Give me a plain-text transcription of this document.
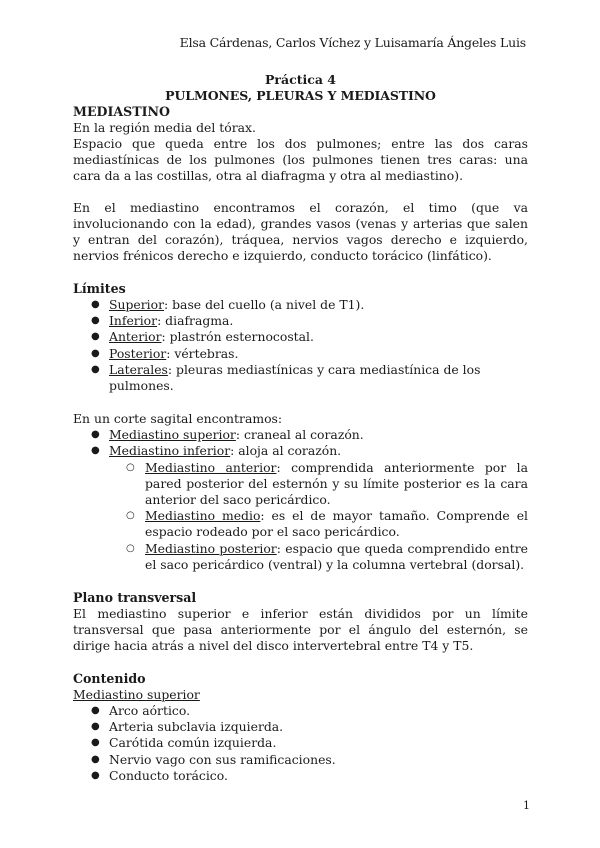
Elsa Cárdenas, Carlos Víchez y Luisamaría Ángeles Luis
Práctica 4
PULMONES, PLEURAS Y MEDIASTINO
MEDIASTINO

En la región media del tórax.

Espacio que queda entre los dos pulmones; entre las dos caras mediastínicas de los pulmones (los pulmones tienen tres caras: una cara da a las costillas, otra al diafragma y otra al mediastino).

En el mediastino encontramos el corazón, el timo (que va involucionando con la edad), grandes vasos (venas y arterias que salen y entran del corazón), tráquea, nervios vagos derecho e izquierdo, nervios frénicos derecho e izquierdo, conducto torácico (linfático).

Límites
● Superior: base del cuello (a nivel de T1).
● Inferior: diafragma.
● Anterior: plastrón esternocostal.
● Posterior: vértebras.
● Laterales: pleuras mediastínicas y cara mediastínica de los pulmones.

En un corte sagital encontramos:

● Mediastino superior: craneal al corazón.
● Mediastino inferior: aloja al corazón.
○ Mediastino anterior: comprendida anteriormente por la pared posterior del esternón y su límite posterior es la cara anterior del saco pericárdico.
○ Mediastino medio: es el de mayor tamaño. Comprende el espacio rodeado por el saco pericárdico.
○ Mediastino posterior: espacio que queda comprendido entre el saco pericárdico (ventral) y la columna vertebral (dorsal).
Plano transversal

El mediastino superior e inferior están divididos por un límite transversal que pasa anteriormente por el ángulo del esternón, se dirige hacia atrás a nivel del disco intervertebral entre T4 y T5.

Contenido
Mediastino superior
● Arco aórtico.
● Arteria subclavia izquierda.
● Carótida común izquierda.
● Nervio vago con sus ramificaciones.
● Conducto torácico.
1
